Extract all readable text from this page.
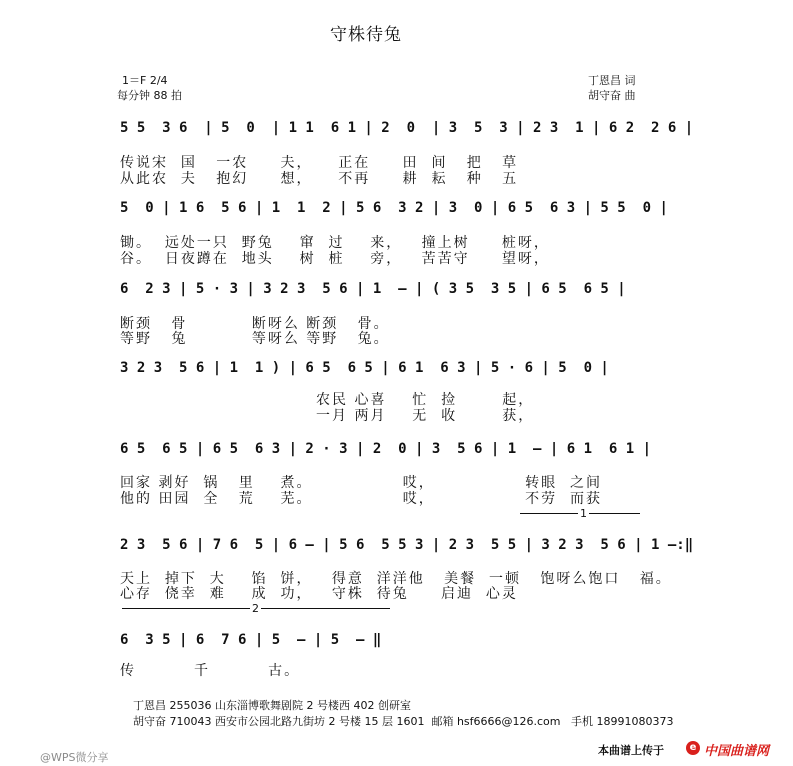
守株待兔
1＝F 2/4
每分钟 88 拍
丁恩昌 词
胡守奋 曲
5 5  3 6  | 5  0  | 1 1  6 1 | 2  0  | 3  5  3 | 2 3  1 | 6 2  2 6 |
传说宋  国   一农     夫，    正在     田  间   把   草
从此农  夫   抱幻     想，    不再     耕  耘   种   五
5  0 | 1 6  5 6 | 1  1  2 | 5 6  3 2 | 3  0 | 6 5  6 3 | 5 5  0 |
锄。  远处一只  野兔    窜  过    来，   撞上树     桩呀，
谷。  日夜蹲在  地头    树  桩    旁，   苦苦守     望呀，
6  2 3 | 5 · 3 | 3 2 3  5 6 | 1  — | ( 3 5  3 5 | 6 5  6 5 |
断颈   骨          断呀么 断颈   骨。
等野   兔          等呀么 等野   兔。
3 2 3  5 6 | 1  1 ) | 6 5  6 5 | 6 1  6 3 | 5 · 6 | 5  0 |
农民 心喜    忙  捡       起，
一月 两月    无  收       获，
6 5  6 5 | 6 5  6 3 | 2 · 3 | 2  0 | 3  5 6 | 1  — | 6 1  6 1 |
回家 剥好  锅   里    煮。              哎，              转眼  之间
他的 田园  全   荒    芜。              哎，              不劳  而获
1
2 3  5 6 | 7 6  5 | 6 — | 5 6  5 5 3 | 2 3  5 5 | 3 2 3  5 6 | 1 —:‖
天上  掉下  大    馅  饼，   得意  洋洋他   美餐  一顿   饱呀么饱口   福。
心存  侥幸  难    成  功，   守株  待兔     启迪  心灵
2
6  3 5 | 6  7 6 | 5  — | 5  — ‖
传         千         古。
丁恩昌 255036 山东淄博歌舞剧院 2 号楼西 402 创研室
胡守奋 710043 西安市公园北路九街坊 2 号楼 15 层 1601  邮箱 hsf6666@126.com   手机 18991080373
@WPS微分享
本曲谱上传于	e 中国曲谱网
